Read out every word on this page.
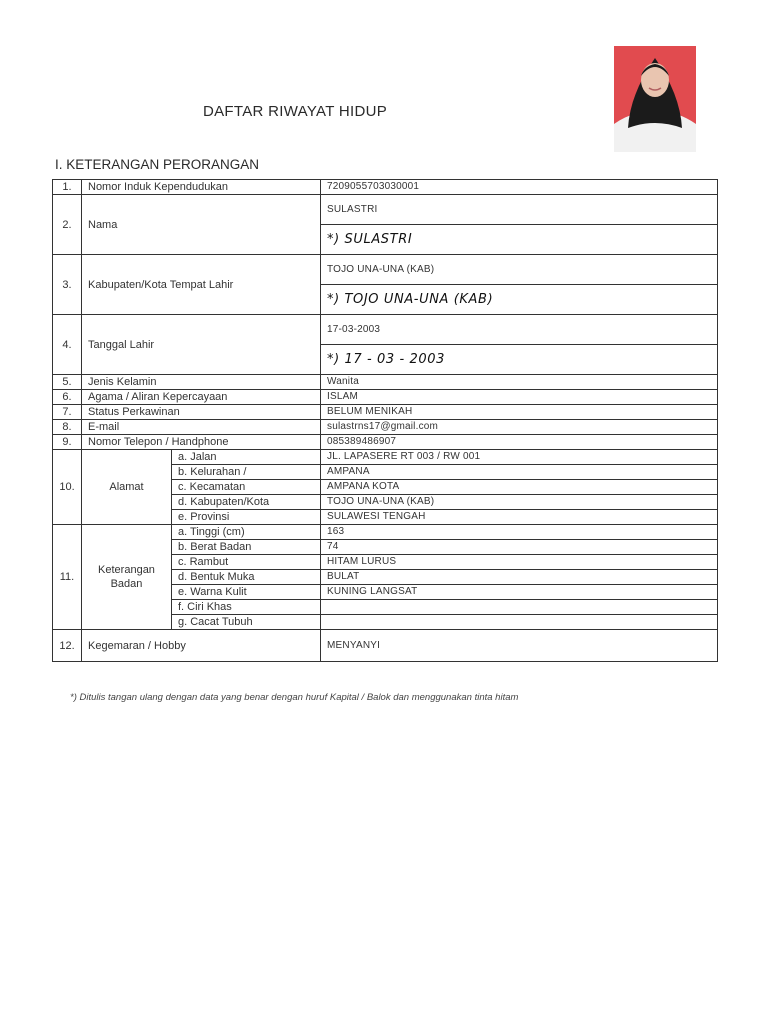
DAFTAR RIWAYAT HIDUP
I. KETERANGAN PERORANGAN
1.	Nomor Induk Kependudukan		7209055703030001
2.	Nama		SULASTRI
			*) SULASTRI
3.	Kabupaten/Kota Tempat Lahir		TOJO UNA-UNA (KAB)
			*) TOJO UNA-UNA (KAB)
4.	Tanggal Lahir		17-03-2003
			*) 17 - 03 - 2003
5.	Jenis Kelamin		Wanita
6.	Agama / Aliran Kepercayaan		ISLAM
7.	Status Perkawinan		BELUM MENIKAH
8.	E-mail		sulastrns17@gmail.com
9.	Nomor Telepon / Handphone		085389486907
10.	Alamat	a. Jalan	JL. LAPASERE RT 003 / RW 001
		b. Kelurahan /	AMPANA
		c. Kecamatan	AMPANA KOTA
		d. Kabupaten/Kota	TOJO UNA-UNA (KAB)
		e. Provinsi	SULAWESI TENGAH
11.	Keterangan
Badan	a. Tinggi (cm)	163
		b. Berat Badan	74
		c. Rambut	HITAM LURUS
		d. Bentuk Muka	BULAT
		e. Warna Kulit	KUNING LANGSAT
		f. Ciri Khas	
		g. Cacat Tubuh	
12.	Kegemaran / Hobby		MENYANYI
*) Ditulis tangan ulang dengan data yang benar dengan huruf Kapital / Balok dan menggunakan tinta hitam
